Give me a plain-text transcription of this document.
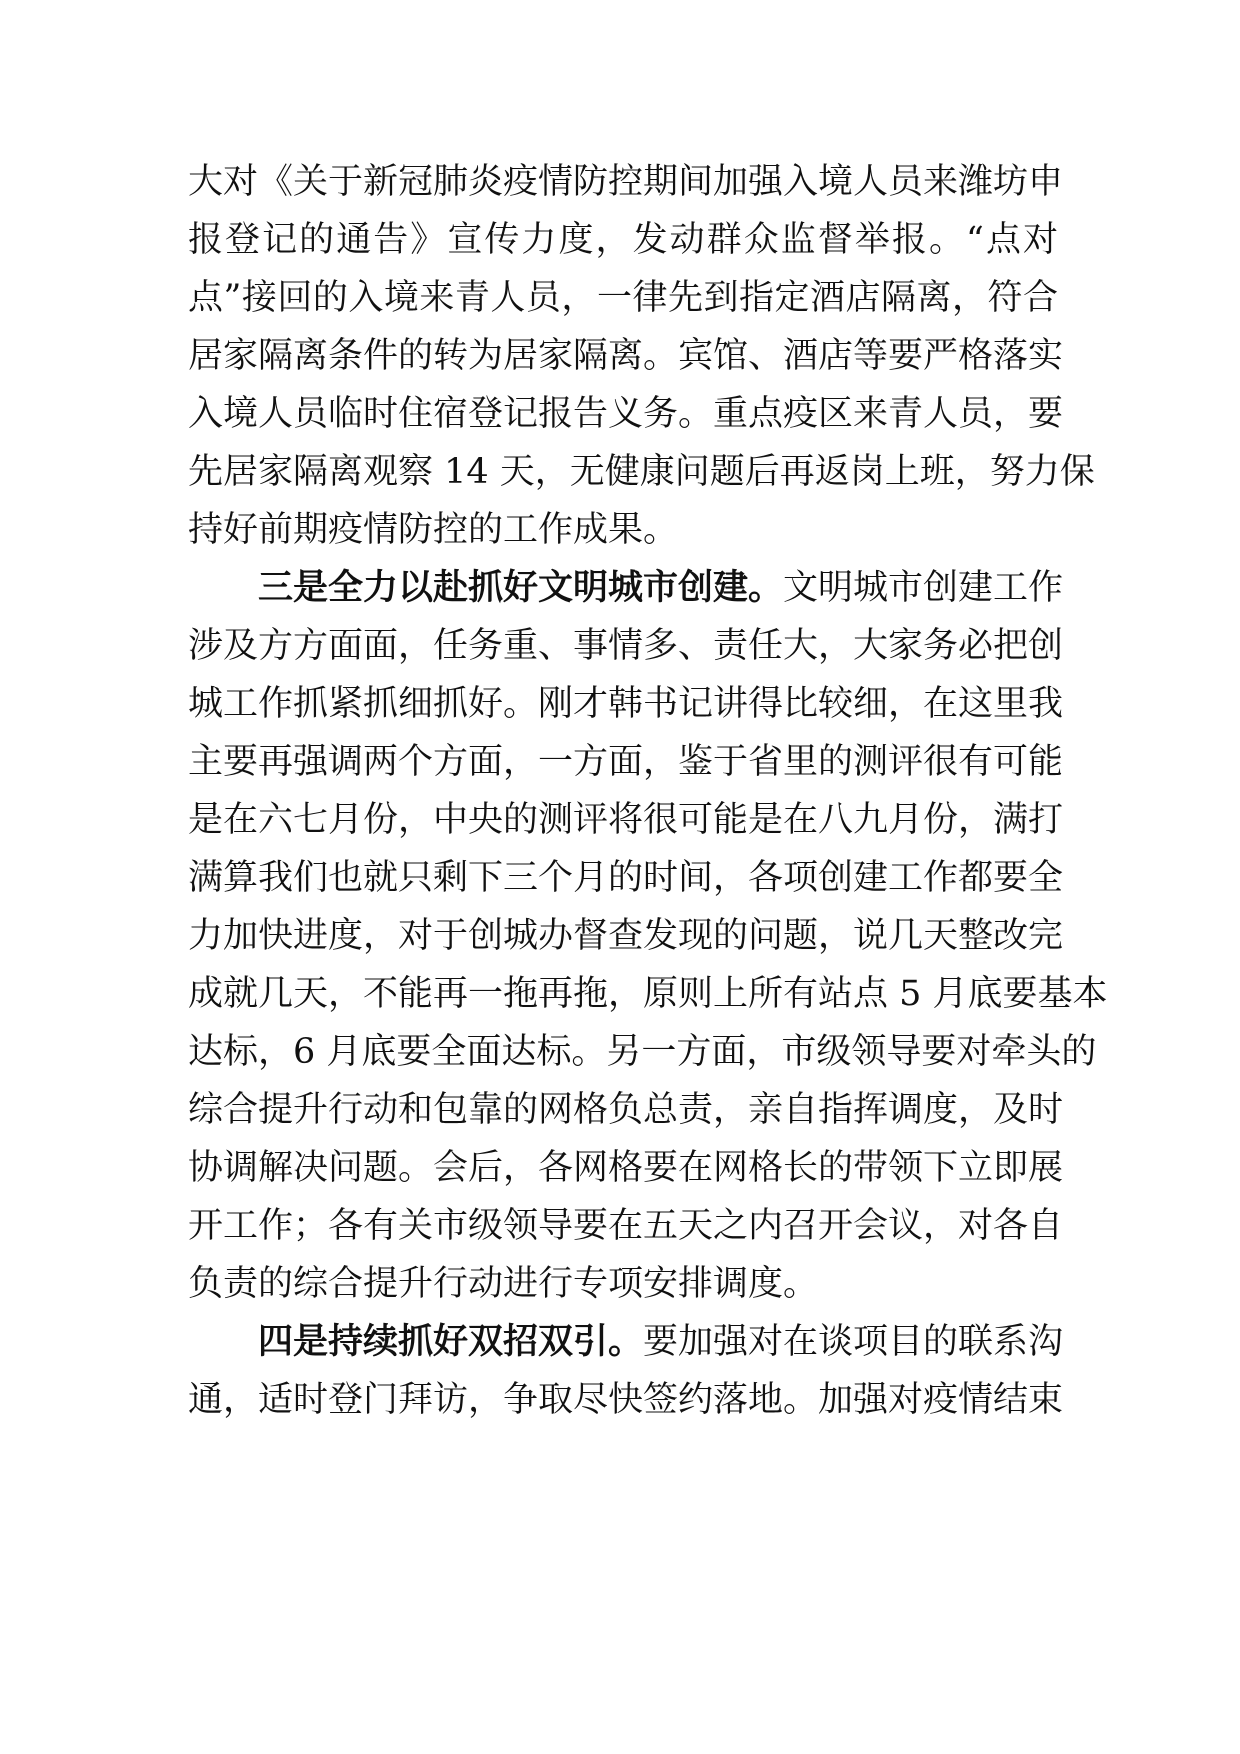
大对《关于新冠肺炎疫情防控期间加强入境人员来潍坊申
报登记的通告》宣传力度，发动群众监督举报。“点对
点”接回的入境来青人员，一律先到指定酒店隔离，符合
居家隔离条件的转为居家隔离。宾馆、酒店等要严格落实
入境人员临时住宿登记报告义务。重点疫区来青人员，要
先居家隔离观察 14 天，无健康问题后再返岗上班，努力保
持好前期疫情防控的工作成果。
三是全力以赴抓好文明城市创建。文明城市创建工作
涉及方方面面，任务重、事情多、责任大，大家务必把创
城工作抓紧抓细抓好。刚才韩书记讲得比较细，在这里我
主要再强调两个方面，一方面，鉴于省里的测评很有可能
是在六七月份，中央的测评将很可能是在八九月份，满打
满算我们也就只剩下三个月的时间，各项创建工作都要全
力加快进度，对于创城办督查发现的问题，说几天整改完
成就几天，不能再一拖再拖，原则上所有站点 5 月底要基本
达标，6 月底要全面达标。另一方面，市级领导要对牵头的
综合提升行动和包靠的网格负总责，亲自指挥调度，及时
协调解决问题。会后，各网格要在网格长的带领下立即展
开工作；各有关市级领导要在五天之内召开会议，对各自
负责的综合提升行动进行专项安排调度。
四是持续抓好双招双引。要加强对在谈项目的联系沟
通，适时登门拜访，争取尽快签约落地。加强对疫情结束
